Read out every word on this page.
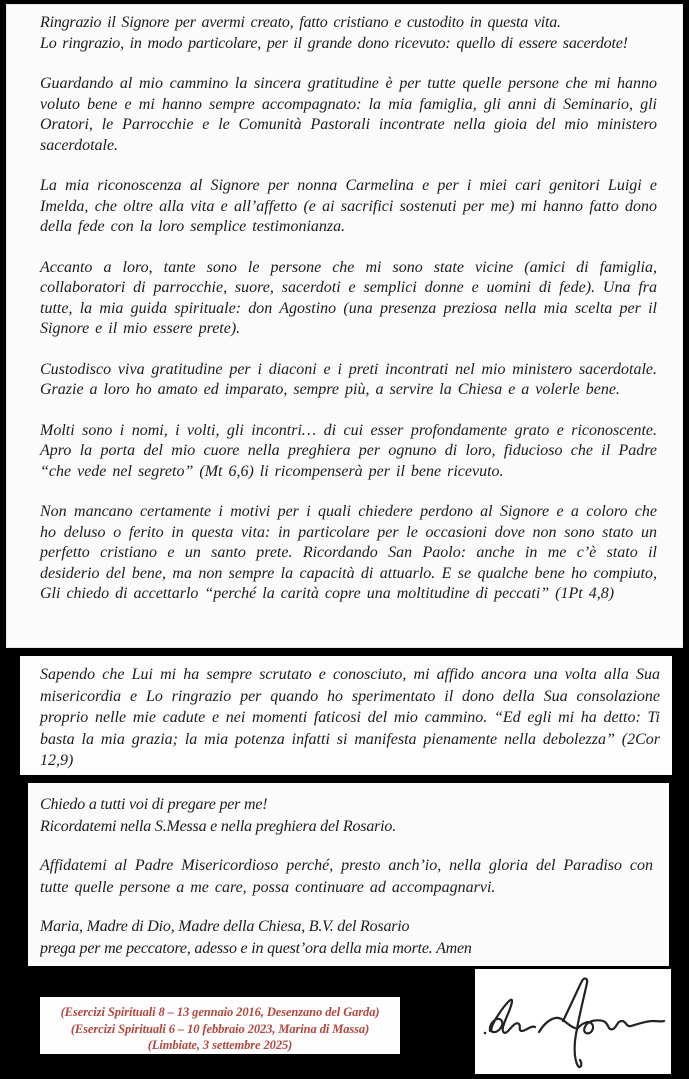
Ringrazio il Signore per avermi creato, fatto cristiano e custodito in questa vita.
Lo ringrazio, in modo particolare, per il grande dono ricevuto: quello di essere sacerdote!

Guardando al mio cammino la sincera gratitudine è per tutte quelle persone che mi hanno voluto bene e mi hanno sempre accompagnato: la mia famiglia, gli anni di Seminario, gli Oratori, le Parrocchie e le Comunità Pastorali incontrate nella gioia del mio ministero sacerdotale.

La mia riconoscenza al Signore per nonna Carmelina e per i miei cari genitori Luigi e Imelda, che oltre alla vita e all’affetto (e ai sacrifici sostenuti per me) mi hanno fatto dono della fede con la loro semplice testimonianza.

Accanto a loro, tante sono le persone che mi sono state vicine (amici di famiglia, collaboratori di parrocchie, suore, sacerdoti e semplici donne e uomini di fede). Una fra tutte, la mia guida spirituale: don Agostino (una presenza preziosa nella mia scelta per il Signore e il mio essere prete).

Custodisco viva gratitudine per i diaconi e i preti incontrati nel mio ministero sacerdotale. Grazie a loro ho amato ed imparato, sempre più, a servire la Chiesa e a volerle bene.

Molti sono i nomi, i volti, gli incontri… di cui esser profondamente grato e riconoscente. Apro la porta del mio cuore nella preghiera per ognuno di loro, fiducioso che il Padre “che vede nel segreto” (Mt 6,6) li ricompenserà per il bene ricevuto.

Non mancano certamente i motivi per i quali chiedere perdono al Signore e a coloro che ho deluso o ferito in questa vita: in particolare per le occasioni dove non sono stato un perfetto cristiano e un santo prete. Ricordando San Paolo: anche in me c’è stato il desiderio del bene, ma non sempre la capacità di attuarlo. E se qualche bene ho compiuto, Gli chiedo di accettarlo “perché la carità copre una moltitudine di peccati” (1Pt 4,8)

Sapendo che Lui mi ha sempre scrutato e conosciuto, mi affido ancora una volta alla Sua misericordia e Lo ringrazio per quando ho sperimentato il dono della Sua consolazione proprio nelle mie cadute e nei momenti faticosi del mio cammino. “Ed egli mi ha detto: Ti basta la mia grazia; la mia potenza infatti si manifesta pienamente nella debolezza” (2Cor 12,9)

Chiedo a tutti voi di pregare per me!
Ricordatemi nella S.Messa e nella preghiera del Rosario.

Affidatemi al Padre Misericordioso perché, presto anch’io, nella gloria del Paradiso con tutte quelle persone a me care, possa continuare ad accompagnarvi.

Maria, Madre di Dio, Madre della Chiesa, B.V. del Rosario
prega per me peccatore, adesso e in quest’ora della mia morte. Amen
(Esercizi Spirituali 8 – 13 gennaio 2016, Desenzano del Garda)
(Esercizi Spirituali 6 – 10 febbraio 2023, Marina di Massa)
(Limbiate, 3 settembre 2025)
